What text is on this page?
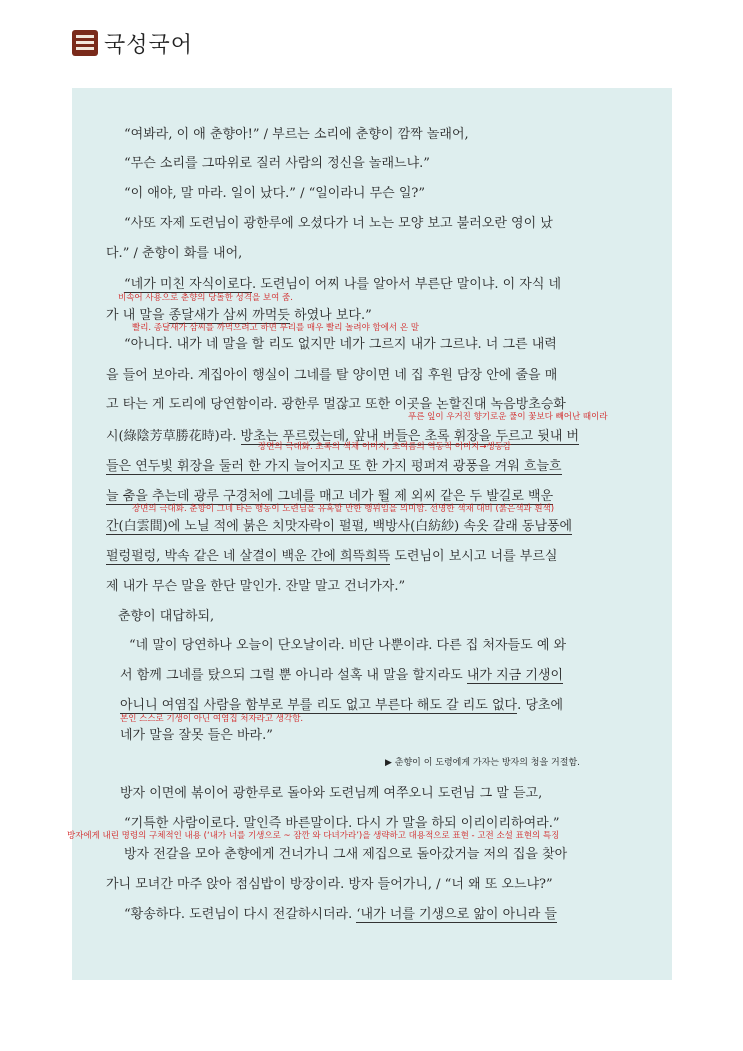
국성국어
“여봐라, 이 애 춘향아!” / 부르는 소리에 춘향이 깜짝 놀래어,
“무슨 소리를 그따위로 질러 사람의 정신을 놀래느냐.”
“이 애야, 말 마라. 일이 났다.” / “일이라니 무슨 일?”
“사또 자제 도련님이 광한루에 오셨다가 너 노는 모양 보고 불러오란 영이 났
다.” / 춘향이 화를 내어,
“네가 미친 자식이로다. 도련님이 어찌 나를 알아서 부른단 말이냐. 이 자식 네
비속어 사용으로 춘향의 당돌한 성격을 보여 줌.
가 내 말을 종달새가 삼씨 까먹듯 하였나 보다.”
빨리. 종달새가 삼씨를 까먹으려고 하면 부리를 매우 빨리 놀려야 함에서 온 말
“아니다. 내가 네 말을 할 리도 없지만 네가 그르지 내가 그르냐. 너 그른 내력
을 들어 보아라. 계집아이 행실이 그네를 탈 양이면 네 집 후원 담장 안에 줄을 매
고 타는 게 도리에 당연함이라. 광한루 멀잖고 또한 이곳을 논할진대 녹음방초승화
푸른 잎이 우거진 향기로운 풀이 꽃보다 빼어난 때이라
시(綠陰芳草勝花時)라. 방초는 푸르렀는데, 앞내 버들은 초록 휘장을 두르고 뒷내 버
장면의 극대화. 초록의 색채 이미지, 초여름의 역동적 이미지→생동감
들은 연두빛 휘장을 둘러 한 가지 늘어지고 또 한 가지 펑퍼져 광풍을 겨워 흐늘흐
늘 춤을 추는데 광루 구경처에 그네를 매고 네가 뛸 제 외씨 같은 두 발길로 백운
장면의 극대화. 춘향이 그네 타는 행동이 도련님을 유혹할 만한 행위임을 의미함. 선명한 색채 대비 (붉은색과 흰색)
간(白雲間)에 노닐 적에 붉은 치맛자락이 펄펄, 백방사(白紡紗) 속옷 갈래 동남풍에
펄렁펄렁, 박속 같은 네 살결이 백운 간에 희뜩희뜩 도련님이 보시고 너를 부르실
제 내가 무슨 말을 한단 말인가. 잔말 말고 건너가자.”
춘향이 대답하되,
“네 말이 당연하나 오늘이 단오날이라. 비단 나뿐이랴. 다른 집 처자들도 예 와
서 함께 그네를 탔으되 그럴 뿐 아니라 설혹 내 말을 할지라도 내가 지금 기생이
아니니 여염집 사람을 함부로 부를 리도 없고 부른다 해도 갈 리도 없다. 당초에
본인 스스로 기생이 아닌 여염집 처자라고 생각함.
네가 말을 잘못 들은 바라.”
▶ 춘향이 이 도령에게 가자는 방자의 청을 거절함.
방자 이면에 볶이어 광한루로 돌아와 도련님께 여쭈오니 도련님 그 말 듣고,
“기특한 사람이로다. 말인즉 바른말이다. 다시 가 말을 하되 이리이리하여라.”
방자에게 내린 명령의 구체적인 내용 (‘내가 너를 기생으로 ~ 잠깐 와 다녀가라’)을 생략하고 대용적으로 표현 - 고전 소설 표현의 특징
방자 전갈을 모아 춘향에게 건너가니 그새 제집으로 돌아갔거늘 저의 집을 찾아
가니 모녀간 마주 앉아 점심밥이 방장이라. 방자 들어가니, / “너 왜 또 오느냐?”
“황송하다. 도련님이 다시 전갈하시더라. ‘내가 너를 기생으로 앎이 아니라 들
